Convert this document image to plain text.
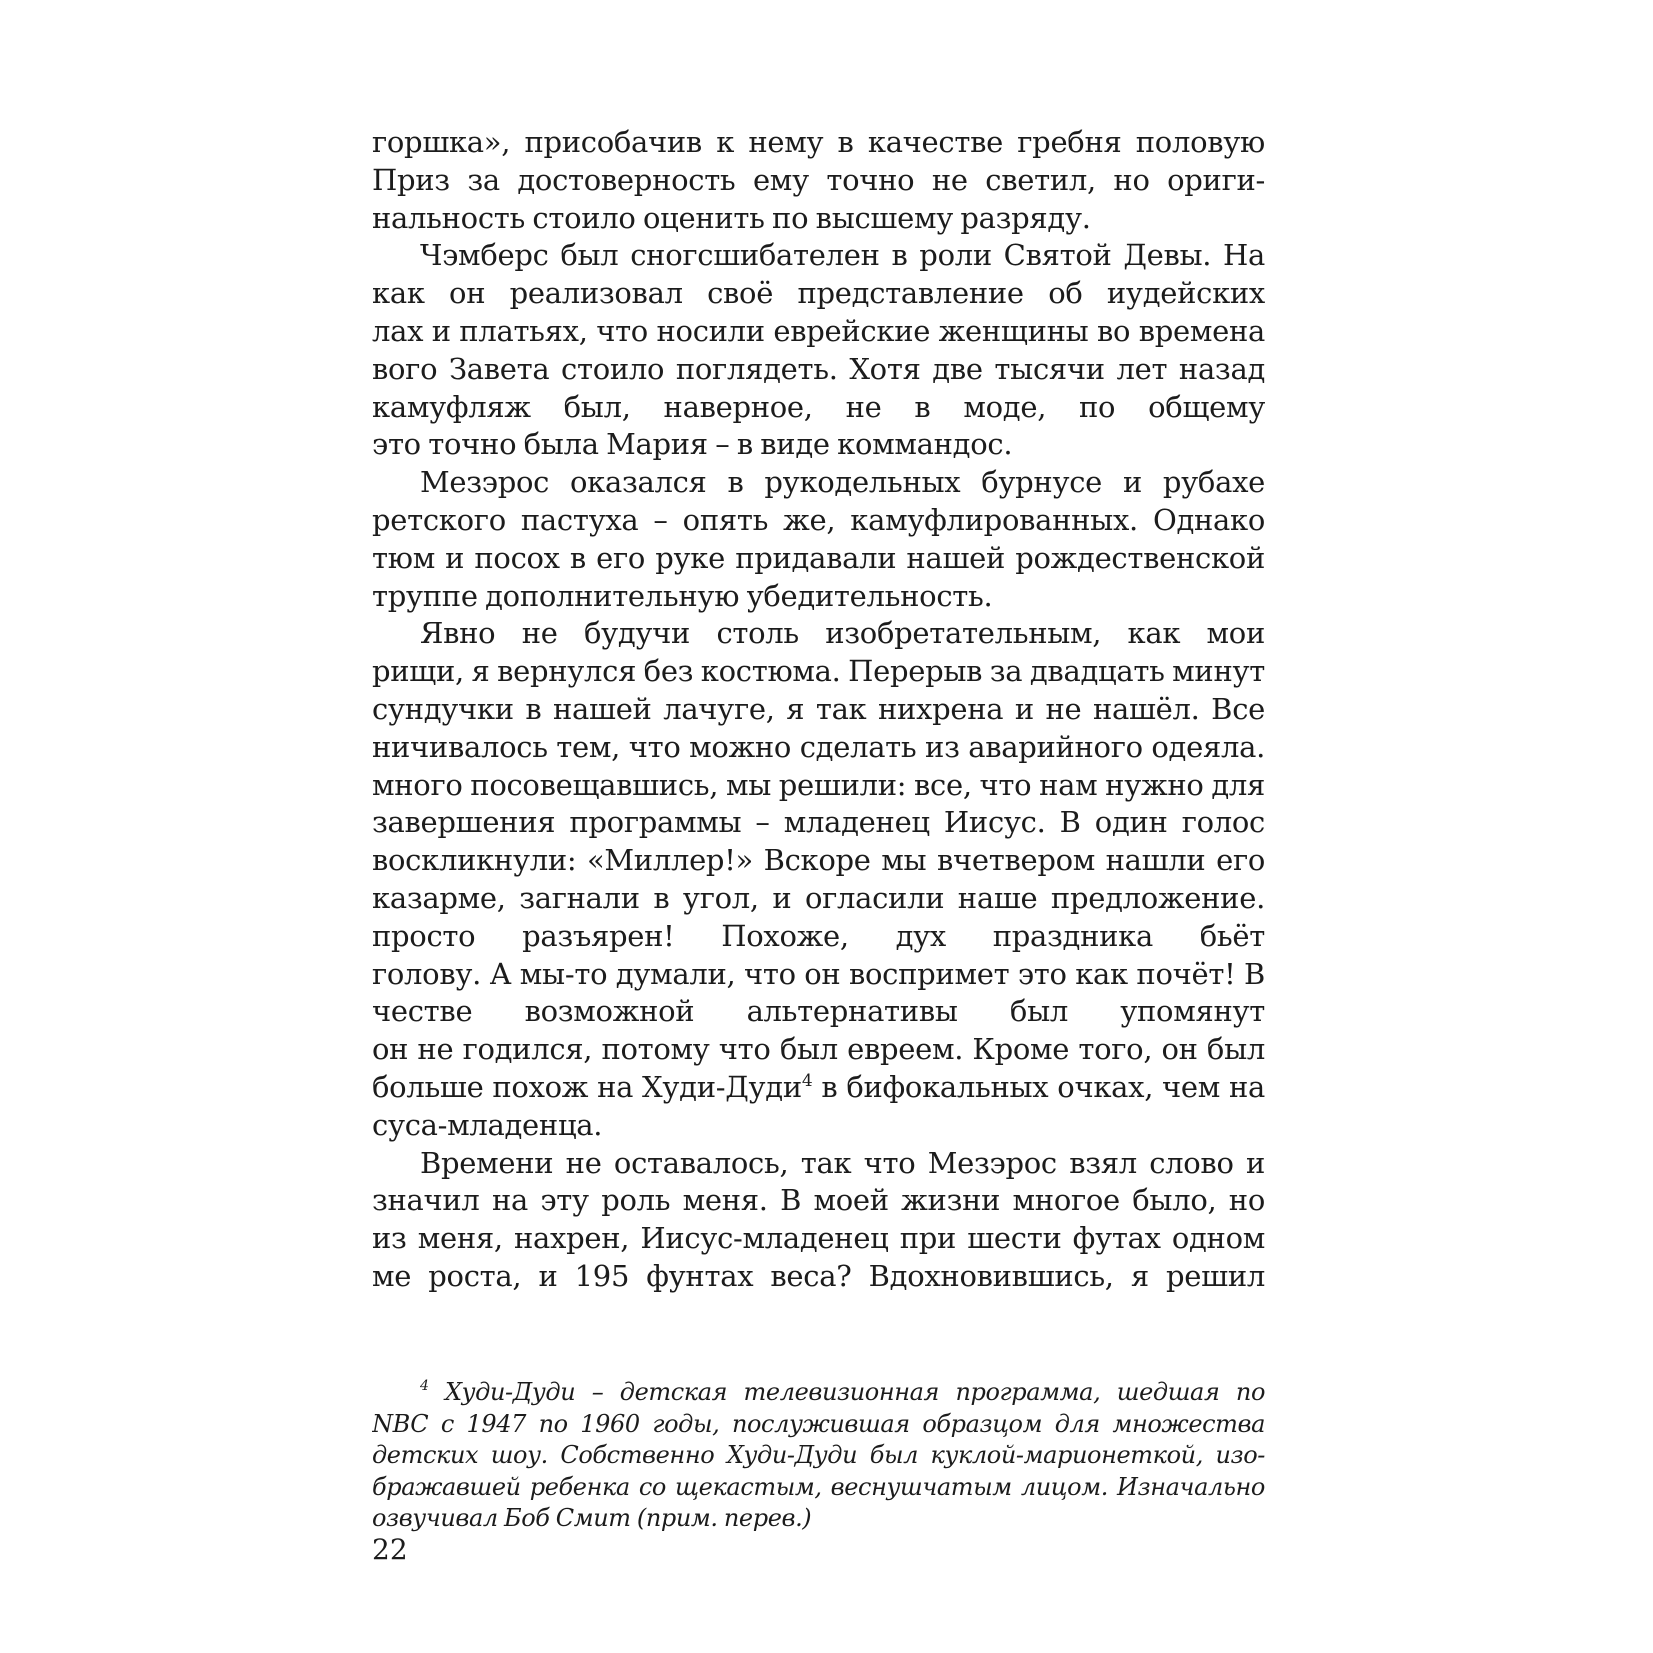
горшка», присобачив к нему в качестве гребня половую
Приз за достоверность ему точно не светил, но ориги-
нальность стоило оценить по высшему разряду.
Чэмберс был сногсшибателен в роли Святой Девы. На
как он реализовал своё представление об иудейских
лах и платьях, что носили еврейские женщины во времена
вого Завета стоило поглядеть. Хотя две тысячи лет назад
камуфляж был, наверное, не в моде, по общему
это точно была Мария – в виде коммандос.
Мезэрос оказался в рукодельных бурнусе и рубахе
ретского пастуха – опять же, камуфлированных. Однако
тюм и посох в его руке придавали нашей рождественской
труппе дополнительную убедительность.
Явно не будучи столь изобретательным, как мои
рищи, я вернулся без костюма. Перерыв за двадцать минут
сундучки в нашей лачуге, я так нихрена и не нашёл. Все
ничивалось тем, что можно сделать из аварийного одеяла.
много посовещавшись, мы решили: все, что нам нужно для
завершения программы – младенец Иисус. В один голос
воскликнули: «Миллер!» Вскоре мы вчетвером нашли его
казарме, загнали в угол, и огласили наше предложение.
просто разъярен! Похоже, дух праздника бьёт
голову. А мы-то думали, что он воспримет это как почёт! В
честве возможной альтернативы был упомянут
он не годился, потому что был евреем. Кроме того, он был
больше похож на Худи-Дуди$^4$ в бифокальных очках, чем на
суса-младенца.
Времени не оставалось, так что Мезэрос взял слово и
значил на эту роль меня. В моей жизни многое было, но
из меня, нахрен, Иисус-младенец при шести футах одном
ме роста, и 195 фунтах веса? Вдохновившись, я решил
$^4$ Худи-Дуди – детская телевизионная программа, шедшая по
NBC с 1947 по 1960 годы, послужившая образцом для множества
детских шоу. Собственно Худи-Дуди был куклой-марионеткой, изо-
бражавшей ребенка со щекастым, веснушчатым лицом. Изначально
озвучивал Боб Смит (прим. перев.)
22
